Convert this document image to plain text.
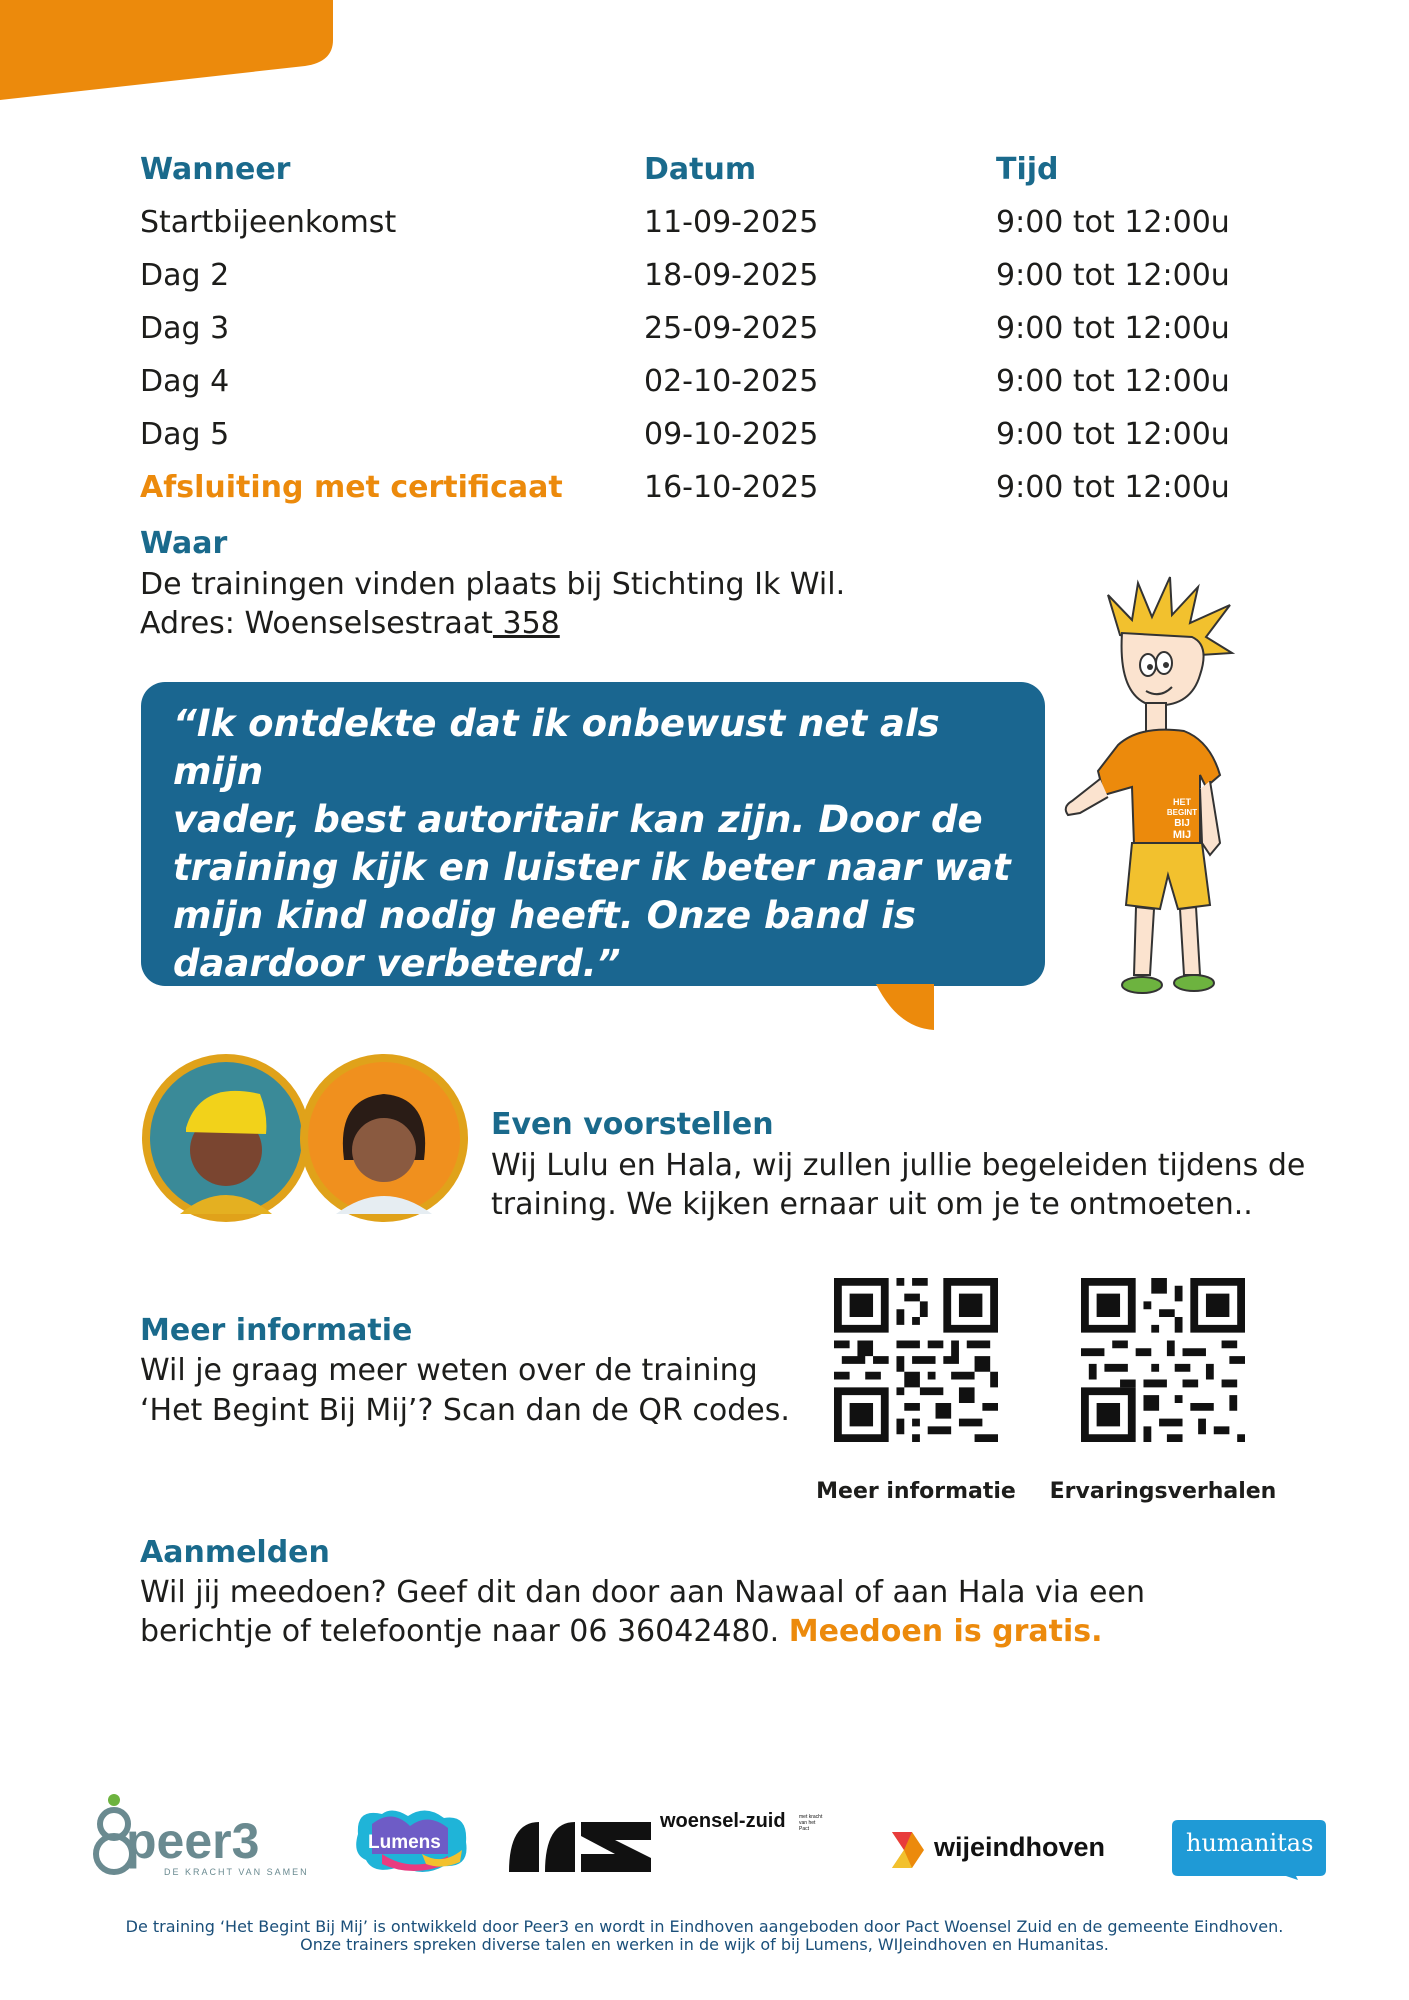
Wanneer	Datum	Tijd
Startbijeenkomst	11-09-2025	9:00 tot 12:00u
Dag 2	18-09-2025	9:00 tot 12:00u
Dag 3	25-09-2025	9:00 tot 12:00u
Dag 4	02-10-2025	9:00 tot 12:00u
Dag 5	09-10-2025	9:00 tot 12:00u
Afsluiting met certificaat	16-10-2025	9:00 tot 12:00u
Waar
De trainingen vinden plaats bij Stichting Ik Wil.
Adres: Woenselsestraat 358
“Ik ontdekte dat ik onbewust net als mijn
vader, best autoritair kan zijn. Door de
training kijk en luister ik beter naar wat
mijn kind nodig heeft. Onze band is
daardoor verbeterd.”
HET
BEGINT
BIJ
MIJ
Even voorstellen
Wij Lulu en Hala, wij zullen jullie begeleiden tijdens de
training. We kijken ernaar uit om je te ontmoeten..
Meer informatie
Wil je graag meer weten over de training
‘Het Begint Bij Mij’? Scan dan de QR codes.
Meer informatie	Ervaringsverhalen
Aanmelden
Wil jij meedoen? Geef dit dan door aan Nawaal of aan Hala via een
berichtje of telefoontje naar 06 36042480. Meedoen is gratis.
peer3
DE KRACHT VAN SAMEN
Lumens
woensel-zuid	met kracht van het Pact
wijeindhoven	humanitas
De training ‘Het Begint Bij Mij’ is ontwikkeld door Peer3 en wordt in Eindhoven aangeboden door Pact Woensel Zuid en de gemeente Eindhoven.
Onze trainers spreken diverse talen en werken in de wijk of bij Lumens, WIJeindhoven en Humanitas.
